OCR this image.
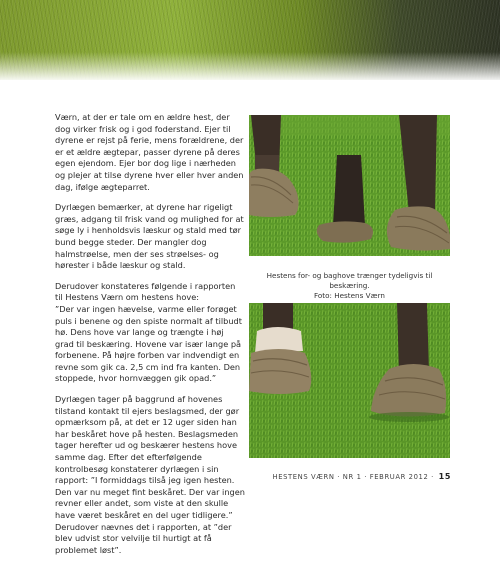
Værn, at der er tale om en ældre hest, der dog virker frisk og i god foderstand. Ejer til dyrene er rejst på ferie, mens forældrene, der er et ældre ægtepar, passer dyrene på deres egen ejendom. Ejer bor dog lige i nærheden og plejer at tilse dyrene hver eller hver anden dag, ifølge ægteparret.

Dyrlægen bemærker, at dyrene har rigeligt græs, adgang til frisk vand og mulighed for at søge ly i henholdsvis læskur og stald med tør bund begge steder. Der mangler dog halmstrøelse, men der ses strøelses- og hørester i både læskur og stald.

Derudover konstateres følgende i rapporten til Hestens Værn om hestens hove:
”Der var ingen hævelse, varme eller forøget puls i benene og den spiste normalt af tilbudt hø. Dens hove var lange og trængte i høj grad til beskæring. Hovene var især lange på forbenene. På højre forben var indvendigt en revne som gik ca. 2,5 cm ind fra kanten. Den stoppede, hvor hornvæggen gik opad.”

Dyrlægen tager på baggrund af hovenes tilstand kontakt til ejers beslagsmed, der gør opmærksom på, at det er 12 uger siden han har beskåret hove på hesten. Beslagsmeden tager herefter ud og beskærer hestens hove samme dag. Efter det efterfølgende kontrolbesøg konstaterer dyrlægen i sin rapport: ”I formiddags tilså jeg igen hesten. Den var nu meget fint beskåret. Der var ingen revner eller andet, som viste at den skulle have været beskåret en del uger tidligere.” Derudover nævnes det i rapporten, at ”der blev udvist stor velvilje til hurtigt at få problemet løst”.

Hestens for- og baghove trænger tydeligvis til beskæring.
Foto: Hestens Værn
HESTENS VÆRN · NR 1 · FEBRUAR 2012 · 15
